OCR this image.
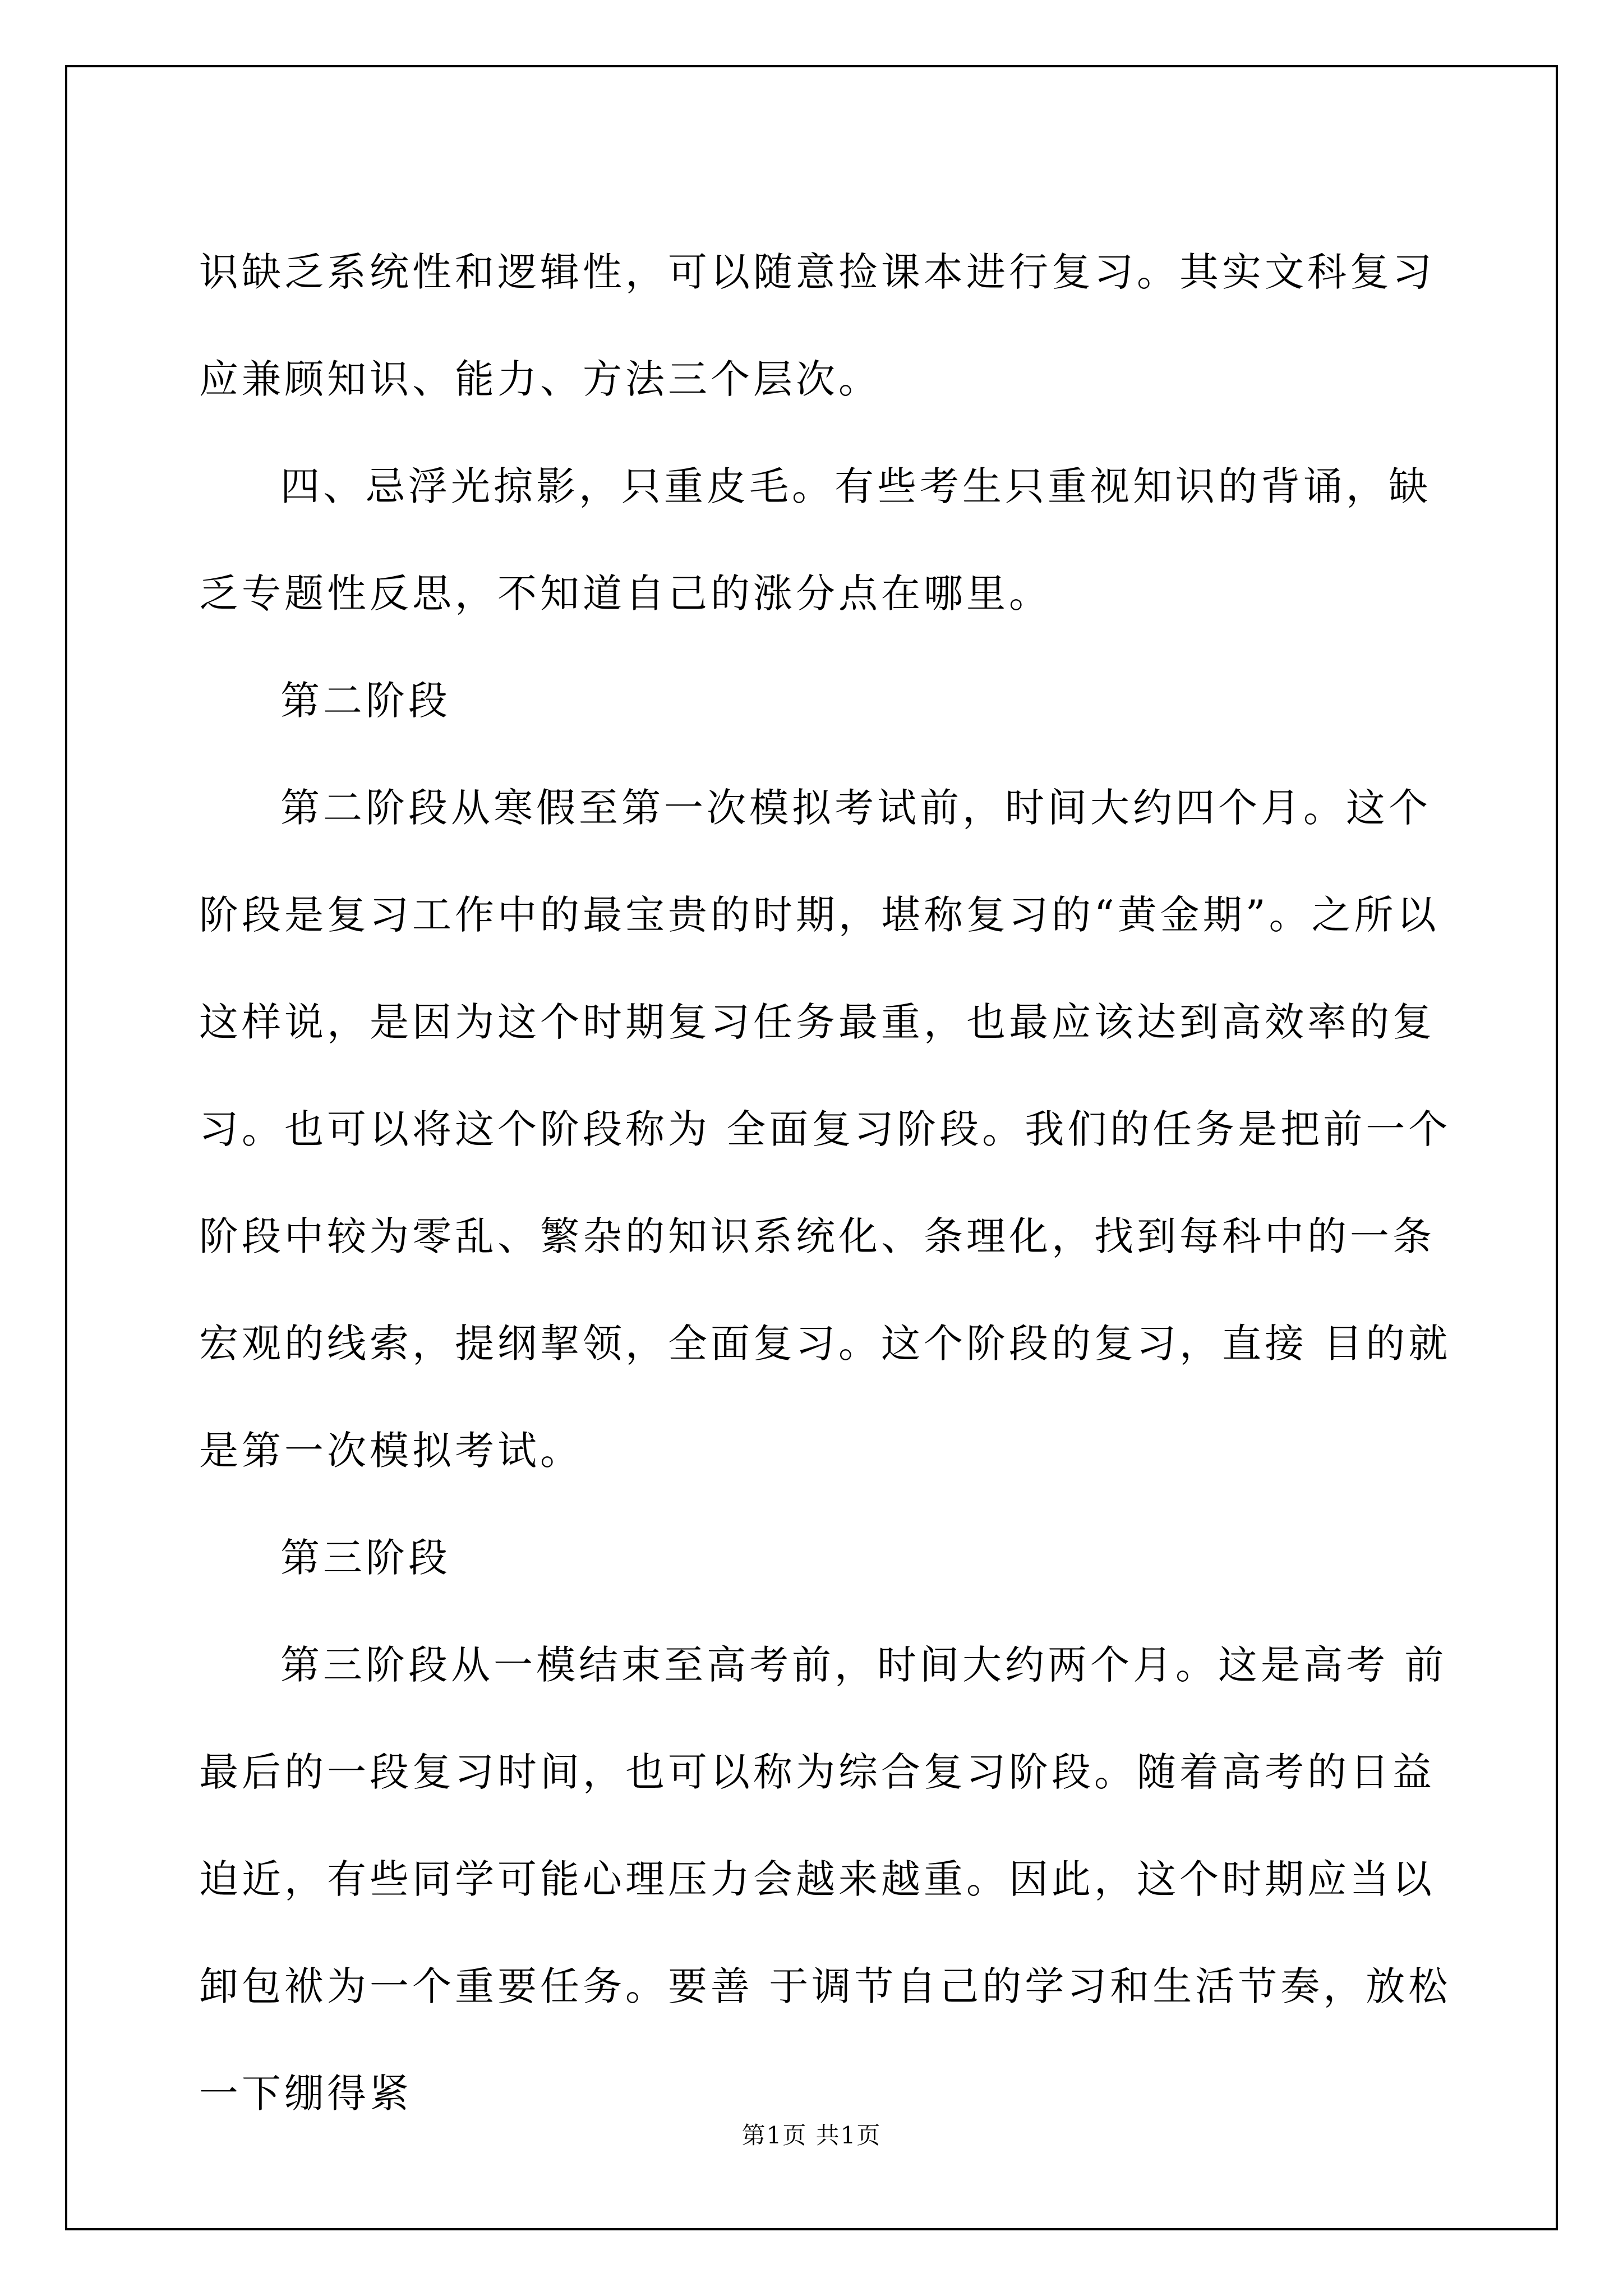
识缺乏系统性和逻辑性，可以随意捡课本进行复习。其实文科复习应兼顾知识、能力、方法三个层次。

四、忌浮光掠影，只重皮毛。有些考生只重视知识的背诵，缺 乏专题性反思，不知道自己的涨分点在哪里。

第二阶段

第二阶段从寒假至第一次模拟考试前，时间大约四个月。这个阶段是复习工作中的最宝贵的时期，堪称复习的“黄金期”。之所以这样说，是因为这个时期复习任务最重，也最应该达到高效率的复习。也可以将这个阶段称为 全面复习阶段。我们的任务是把前一个阶段中较为零乱、繁杂的知识系统化、条理化，找到每科中的一条宏观的线索，提纲挈领，全面复习。这个阶段的复习，直接 目的就是第一次模拟考试。

第三阶段

第三阶段从一模结束至高考前，时间大约两个月。这是高考 前最后的一段复习时间，也可以称为综合复习阶段。随着高考的日益迫近，有些同学可能心理压力会越来越重。因此，这个时期应当以卸包袱为一个重要任务。要善 于调节自己的学习和生活节奏，放松一下绷得紧

第1页 共1页
